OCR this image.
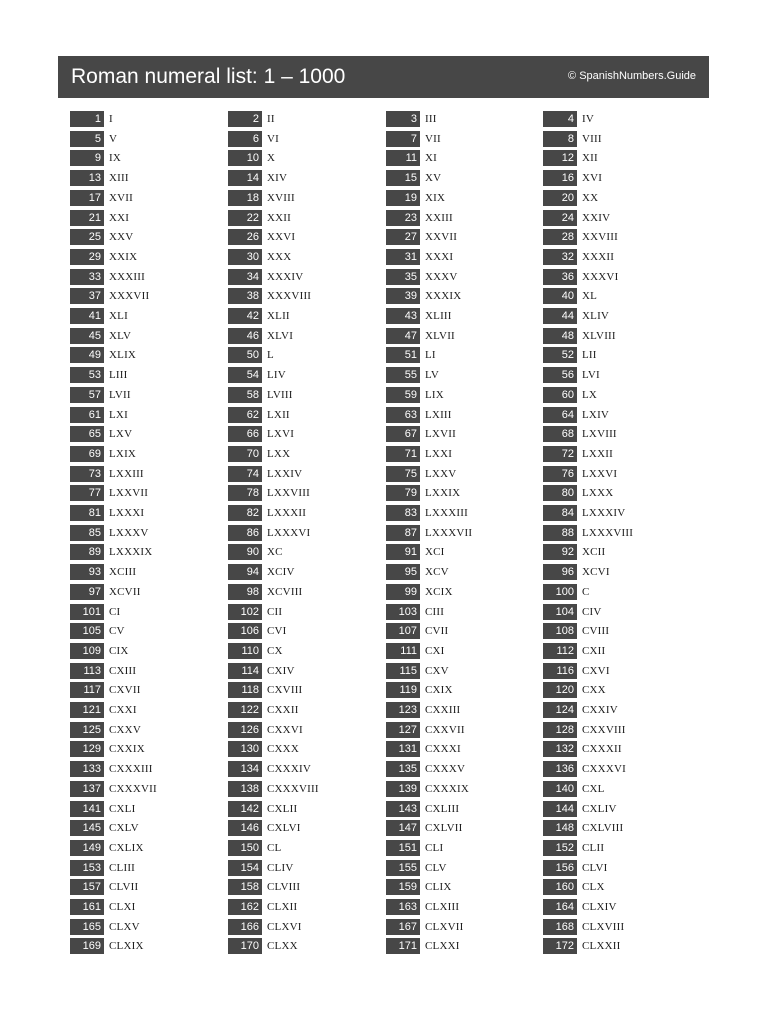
Roman numeral list: 1 – 1000	© SpanishNumbers.Guide
1 I	2 II	3 III	4 IV
5 V	6 VI	7 VII	8 VIII
9 IX	10 X	11 XI	12 XII
13 XIII	14 XIV	15 XV	16 XVI
17 XVII	18 XVIII	19 XIX	20 XX
21 XXI	22 XXII	23 XXIII	24 XXIV
25 XXV	26 XXVI	27 XXVII	28 XXVIII
29 XXIX	30 XXX	31 XXXI	32 XXXII
33 XXXIII	34 XXXIV	35 XXXV	36 XXXVI
37 XXXVII	38 XXXVIII	39 XXXIX	40 XL
41 XLI	42 XLII	43 XLIII	44 XLIV
45 XLV	46 XLVI	47 XLVII	48 XLVIII
49 XLIX	50 L	51 LI	52 LII
53 LIII	54 LIV	55 LV	56 LVI
57 LVII	58 LVIII	59 LIX	60 LX
61 LXI	62 LXII	63 LXIII	64 LXIV
65 LXV	66 LXVI	67 LXVII	68 LXVIII
69 LXIX	70 LXX	71 LXXI	72 LXXII
73 LXXIII	74 LXXIV	75 LXXV	76 LXXVI
77 LXXVII	78 LXXVIII	79 LXXIX	80 LXXX
81 LXXXI	82 LXXXII	83 LXXXIII	84 LXXXIV
85 LXXXV	86 LXXXVI	87 LXXXVII	88 LXXXVIII
89 LXXXIX	90 XC	91 XCI	92 XCII
93 XCIII	94 XCIV	95 XCV	96 XCVI
97 XCVII	98 XCVIII	99 XCIX	100 C
101 CI	102 CII	103 CIII	104 CIV
105 CV	106 CVI	107 CVII	108 CVIII
109 CIX	110 CX	111 CXI	112 CXII
113 CXIII	114 CXIV	115 CXV	116 CXVI
117 CXVII	118 CXVIII	119 CXIX	120 CXX
121 CXXI	122 CXXII	123 CXXIII	124 CXXIV
125 CXXV	126 CXXVI	127 CXXVII	128 CXXVIII
129 CXXIX	130 CXXX	131 CXXXI	132 CXXXII
133 CXXXIII	134 CXXXIV	135 CXXXV	136 CXXXVI
137 CXXXVII	138 CXXXVIII	139 CXXXIX	140 CXL
141 CXLI	142 CXLII	143 CXLIII	144 CXLIV
145 CXLV	146 CXLVI	147 CXLVII	148 CXLVIII
149 CXLIX	150 CL	151 CLI	152 CLII
153 CLIII	154 CLIV	155 CLV	156 CLVI
157 CLVII	158 CLVIII	159 CLIX	160 CLX
161 CLXI	162 CLXII	163 CLXIII	164 CLXIV
165 CLXV	166 CLXVI	167 CLXVII	168 CLXVIII
169 CLXIX	170 CLXX	171 CLXXI	172 CLXXII
